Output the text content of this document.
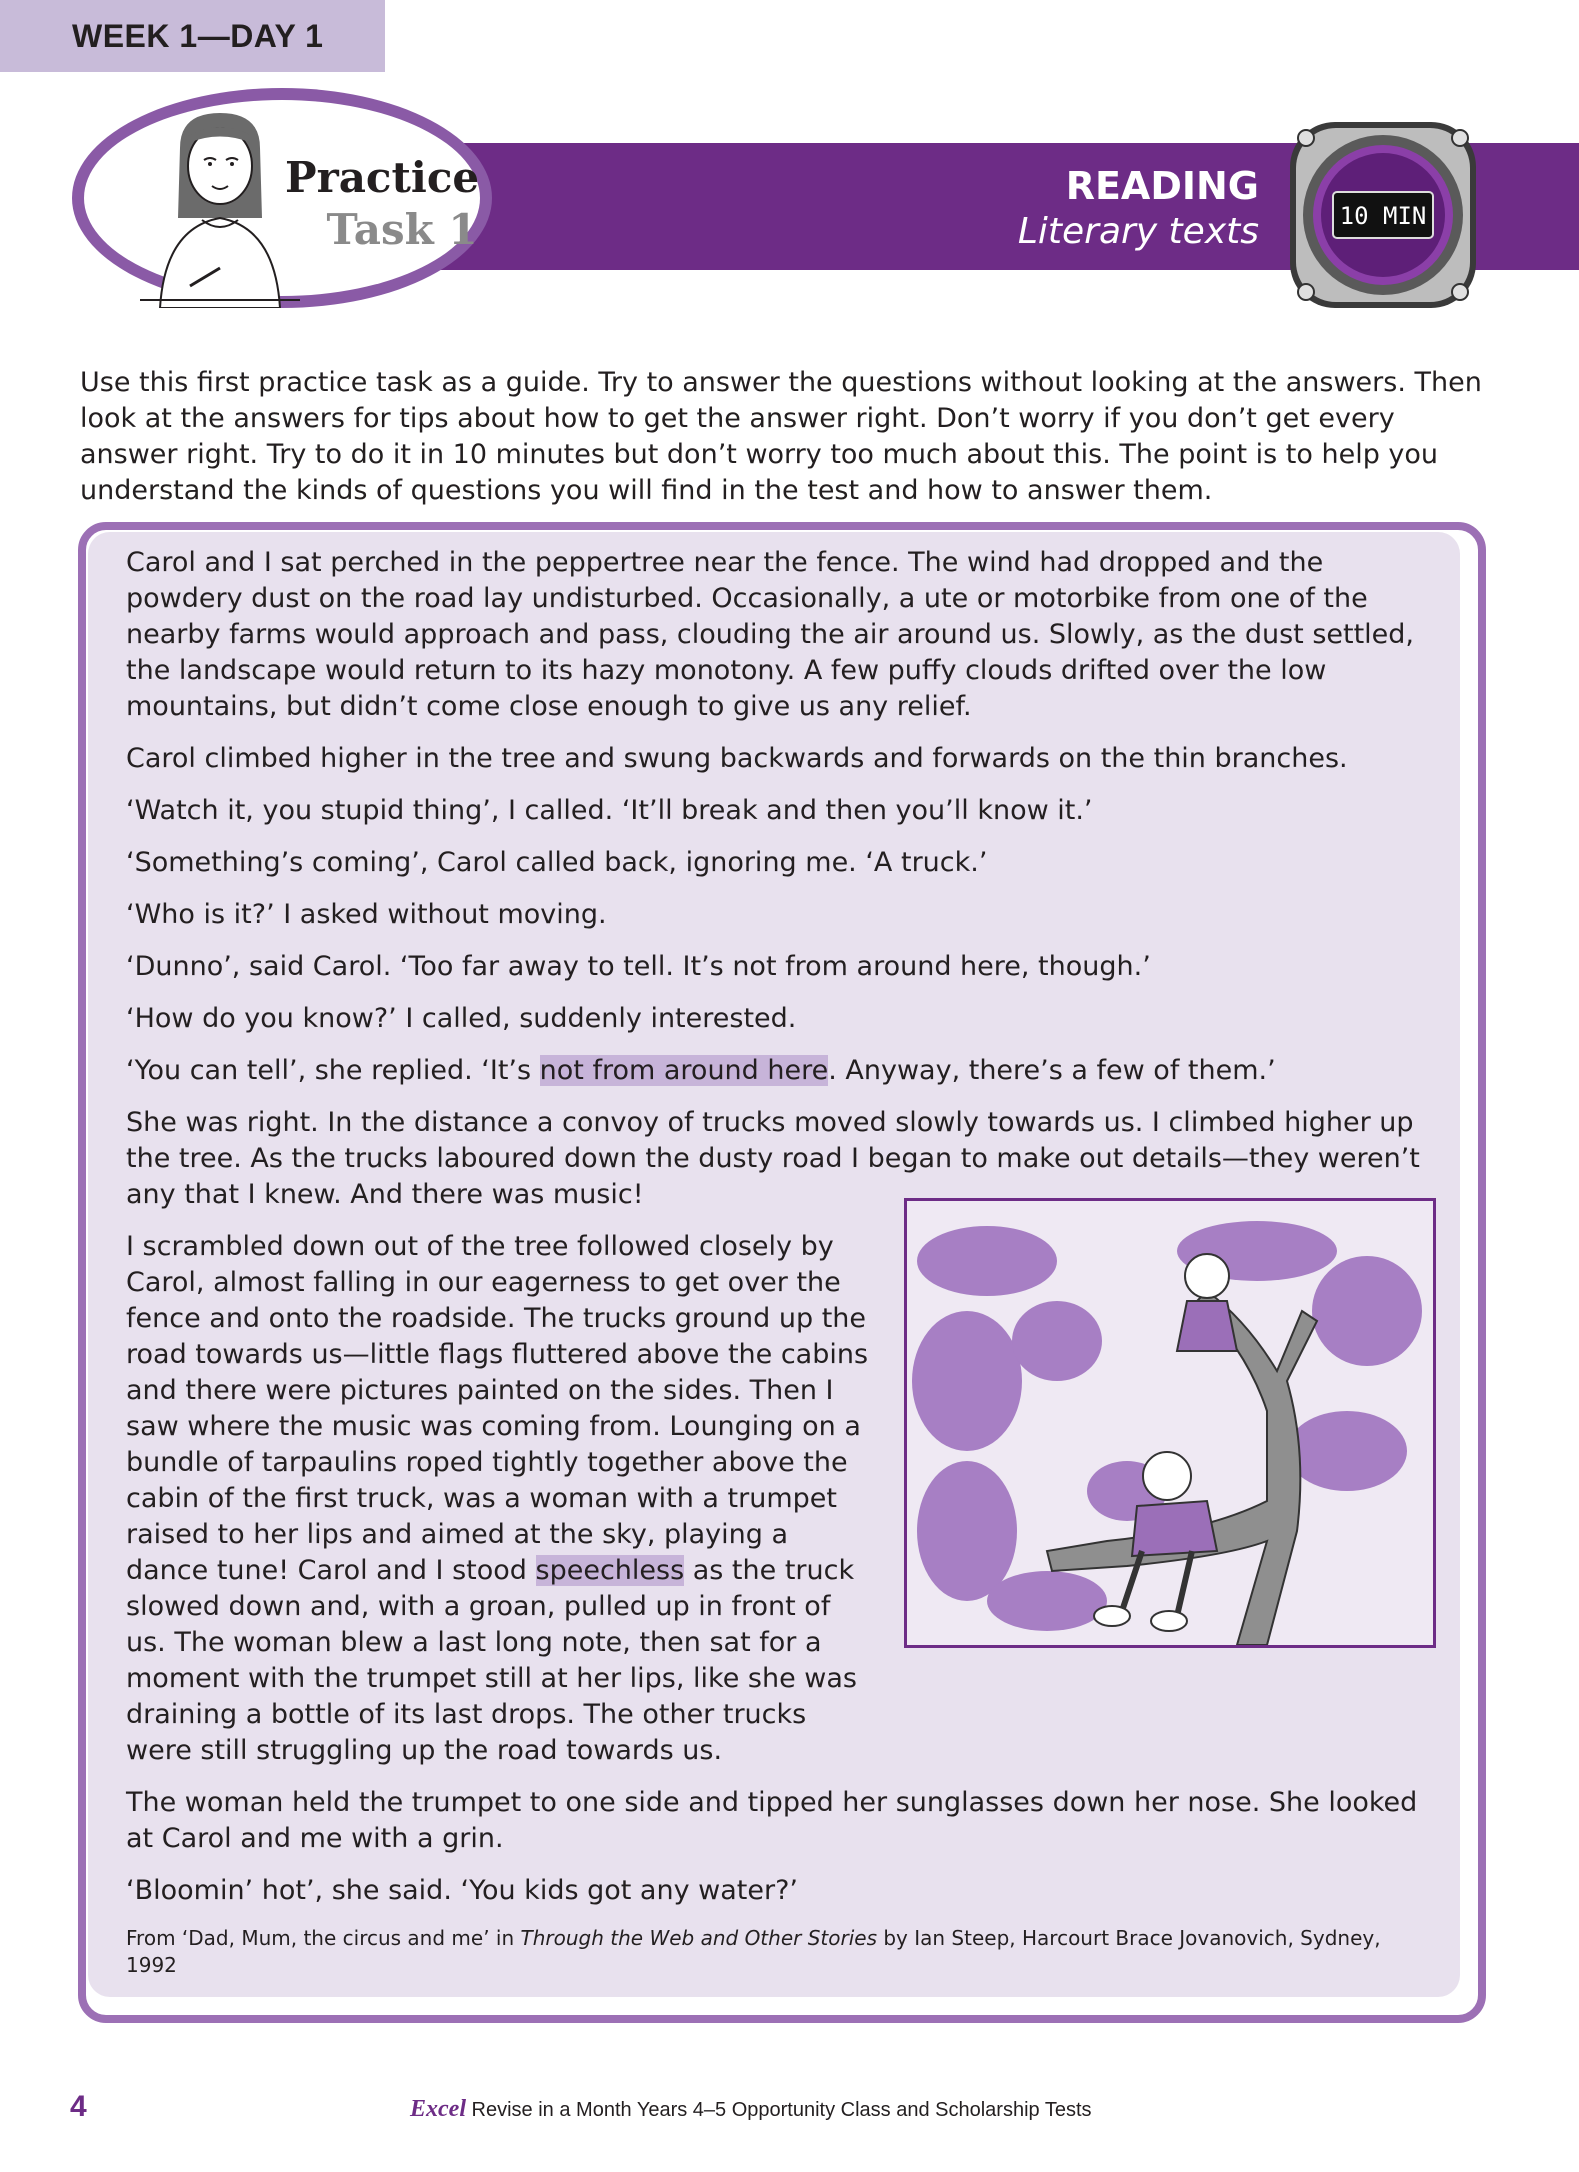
WEEK 1—DAY 1
Practice
Task 1
READING
Literary texts	10 MIN
Use this first practice task as a guide. Try to answer the questions without looking at the answers. Then look at the answers for tips about how to get the answer right. Don’t worry if you don’t get every answer right. Try to do it in 10 minutes but don’t worry too much about this. The point is to help you understand the kinds of questions you will find in the test and how to answer them.

Carol and I sat perched in the peppertree near the fence. The wind had dropped and the powdery dust on the road lay undisturbed. Occasionally, a ute or motorbike from one of the nearby farms would approach and pass, clouding the air around us. Slowly, as the dust settled, the landscape would return to its hazy monotony. A few puffy clouds drifted over the low mountains, but didn’t come close enough to give us any relief.

Carol climbed higher in the tree and swung backwards and forwards on the thin branches.

‘Watch it, you stupid thing’, I called. ‘It’ll break and then you’ll know it.’

‘Something’s coming’, Carol called back, ignoring me. ‘A truck.’

‘Who is it?’ I asked without moving.

‘Dunno’, said Carol. ‘Too far away to tell. It’s not from around here, though.’

‘How do you know?’ I called, suddenly interested.

‘You can tell’, she replied. ‘It’s not from around here. Anyway, there’s a few of them.’

She was right. In the distance a convoy of trucks moved slowly towards us. I climbed higher up the tree. As the trucks laboured down the dusty road I began to make out details—they weren’t any that I knew. And there was music!

I scrambled down out of the tree followed closely by Carol, almost falling in our eagerness to get over the fence and onto the roadside. The trucks ground up the road towards us—little flags fluttered above the cabins and there were pictures painted on the sides. Then I saw where the music was coming from. Lounging on a bundle of tarpaulins roped tightly together above the cabin of the first truck, was a woman with a trumpet raised to her lips and aimed at the sky, playing a dance tune! Carol and I stood speechless as the truck slowed down and, with a groan, pulled up in front of us. The woman blew a last long note, then sat for a moment with the trumpet still at her lips, like she was draining a bottle of its last drops. The other trucks were still struggling up the road towards us.

The woman held the trumpet to one side and tipped her sunglasses down her nose. She looked at Carol and me with a grin.

‘Bloomin’ hot’, she said. ‘You kids got any water?’

From ‘Dad, Mum, the circus and me’ in Through the Web and Other Stories by Ian Steep, Harcourt Brace Jovanovich, Sydney, 1992
4	Excel Revise in a Month Years 4–5 Opportunity Class and Scholarship Tests
